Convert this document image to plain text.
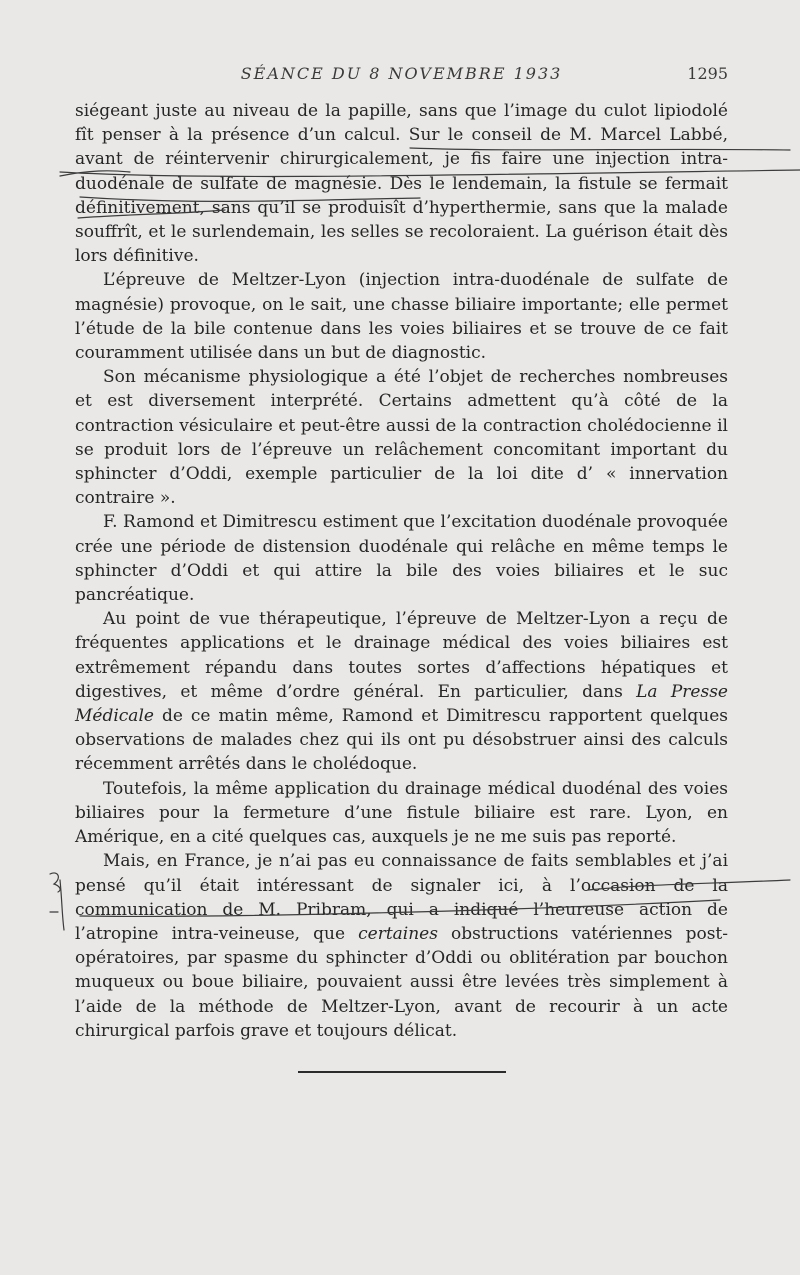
SÉANCE DU 8 NOVEMBRE 1933	1295

siégeant juste au niveau de la papille, sans que l’image du culot lipiodolé fît penser à la présence d’un calcul. Sur le conseil de M. Marcel Labbé, avant de réintervenir chirurgicalement, je fis faire une injection intra-duodénale de sulfate de magnésie. Dès le lendemain, la fistule se fermait définitivement, sans qu’il se produisît d’hyperthermie, sans que la malade souffrît, et le surlendemain, les selles se recoloraient. La guérison était dès lors définitive.

L’épreuve de Meltzer-Lyon (injection intra-duodénale de sulfate de magnésie) provoque, on le sait, une chasse biliaire importante; elle permet l’étude de la bile contenue dans les voies biliaires et se trouve de ce fait couramment utilisée dans un but de diagnostic.

Son mécanisme physiologique a été l’objet de recherches nombreuses et est diversement interprété. Certains admettent qu’à côté de la contraction vésiculaire et peut-être aussi de la contraction cholédocienne il se produit lors de l’épreuve un relâchement concomitant important du sphincter d’Oddi, exemple particulier de la loi dite d’ « innervation contraire ».

F. Ramond et Dimitrescu estiment que l’excitation duodénale provoquée crée une période de distension duodénale qui relâche en même temps le sphincter d’Oddi et qui attire la bile des voies biliaires et le suc pancréatique.

Au point de vue thérapeutique, l’épreuve de Meltzer-Lyon a reçu de fréquentes applications et le drainage médical des voies biliaires est extrêmement répandu dans toutes sortes d’affections hépatiques et digestives, et même d’ordre général. En particulier, dans La Presse Médicale de ce matin même, Ramond et Dimitrescu rapportent quelques observations de malades chez qui ils ont pu désobstruer ainsi des calculs récemment arrêtés dans le cholédoque.

Toutefois, la même application du drainage médical duodénal des voies biliaires pour la fermeture d’une fistule biliaire est rare. Lyon, en Amérique, en a cité quelques cas, auxquels je ne me suis pas reporté.

Mais, en France, je n’ai pas eu connaissance de faits semblables et j’ai pensé qu’il était intéressant de signaler ici, à l’occasion de la communication de M. Pribram, qui a indiqué l’heureuse action de l’atropine intra-veineuse, que certaines obstructions vatériennes post-opératoires, par spasme du sphincter d’Oddi ou oblitération par bouchon muqueux ou boue biliaire, pouvaient aussi être levées très simplement à l’aide de la méthode de Meltzer-Lyon, avant de recourir à un acte chirurgical parfois grave et toujours délicat.
